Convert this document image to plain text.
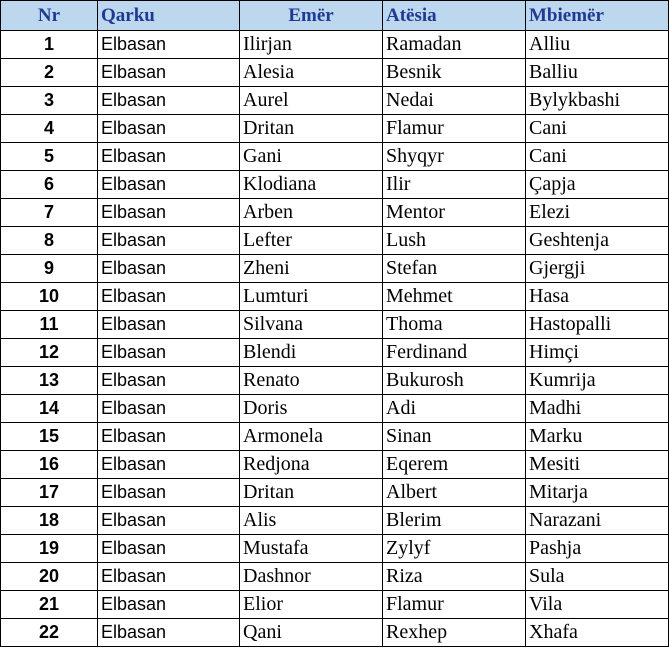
Nr	Qarku	Emër	Atësia	Mbiemër
1	Elbasan	Ilirjan	Ramadan	Alliu
2	Elbasan	Alesia	Besnik	Balliu
3	Elbasan	Aurel	Nedai	Bylykbashi
4	Elbasan	Dritan	Flamur	Cani
5	Elbasan	Gani	Shyqyr	Cani
6	Elbasan	Klodiana	Ilir	Çapja
7	Elbasan	Arben	Mentor	Elezi
8	Elbasan	Lefter	Lush	Geshtenja
9	Elbasan	Zheni	Stefan	Gjergji
10	Elbasan	Lumturi	Mehmet	Hasa
11	Elbasan	Silvana	Thoma	Hastopalli
12	Elbasan	Blendi	Ferdinand	Himçi
13	Elbasan	Renato	Bukurosh	Kumrija
14	Elbasan	Doris	Adi	Madhi
15	Elbasan	Armonela	Sinan	Marku
16	Elbasan	Redjona	Eqerem	Mesiti
17	Elbasan	Dritan	Albert	Mitarja
18	Elbasan	Alis	Blerim	Narazani
19	Elbasan	Mustafa	Zylyf	Pashja
20	Elbasan	Dashnor	Riza	Sula
21	Elbasan	Elior	Flamur	Vila
22	Elbasan	Qani	Rexhep	Xhafa
